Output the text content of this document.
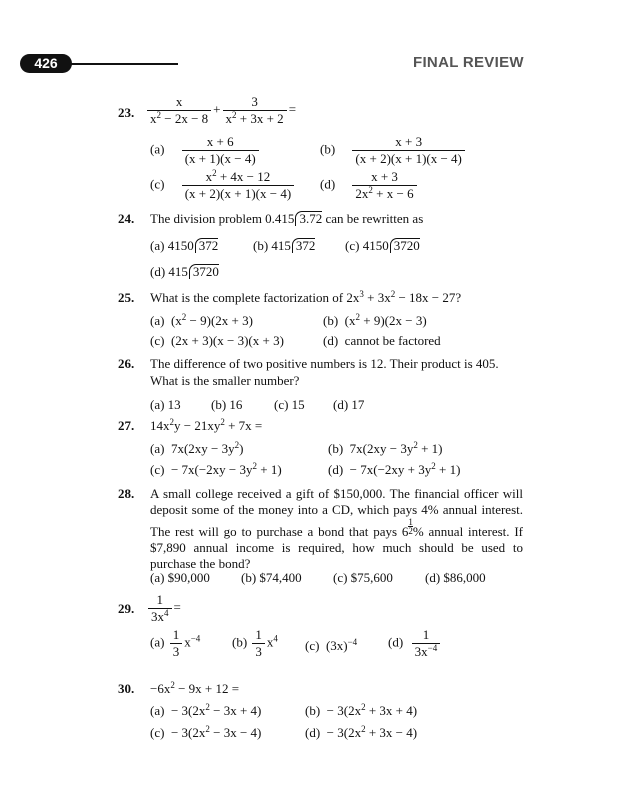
426	FINAL REVIEW
23. $\frac{x}{x^2 - 2x - 8} + \frac{3}{x^2 + 3x + 2}$ =
$(a) \frac{x + 6}{(x + 1)(x - 4)}$	$(b) \frac{x + 3}{(x + 2)(x + 1)(x - 4)}$
$(c) \frac{x^2 + 4x - 12}{(x + 2)(x + 1)(x - 4)} (d) \frac{x + 3}{2x^2 + x - 6}$
24. The division problem 0.415 3.72 can be rewritten as
(a) 4150 372	(b) 415 372 (c) 4150 3720
(d) 415 3720
25. What is the complete factorization of $2x^3 + 3x^2 - 18x - 27$?
(a) $(x^2 - 9)(2x + 3)$	(b) $(x^2 + 9)(2x - 3)$
(c) (2x + 3)(x − 3)(x + 3)	(d) cannot be factored
26. The difference of two positive numbers is 12. Their product is 405.
What is the smaller number?
(a) 13 (b) 16 (c) 15 (d) 17
27. $14x^2y - 21xy^2 + 7x$ =
(a) $7x(2xy - 3y^2)$	(b) $7x(2xy - 3y^2 + 1)$
$(c) - 7x(-2xy - 3y^2 + 1)$	$(d) - 7x(-2xy + 3y^2 + 1)$
28. A small college received a gift of $150,000. The financial officer will deposit some of the money into a CD, which pays 4% annual interest. The rest will go to purchase a bond that pays $6 \frac{1}{2}$ % annual interest. If $7,890 annual income is required, how much should be used to purchase the bond?
(a) $90,000 (b) $74,400 (c) $75,600 (d) $86,000
29. $\frac{1}{3x^4}$ =
$(a) \frac{1}{3} x^{-4}$ $(b) \frac{1}{3} x^4$ (c) $(3x)^{-4}$ $(d) \frac{1}{3x^{-4}}$
30. $-6x^2 - 9x + 12$ =
$(a) - 3(2x^2 - 3x + 4)$	$(b) - 3(2x^2 + 3x + 4)$
$(c) - 3(2x^2 - 3x - 4)$	$(d) - 3(2x^2 + 3x - 4)$
